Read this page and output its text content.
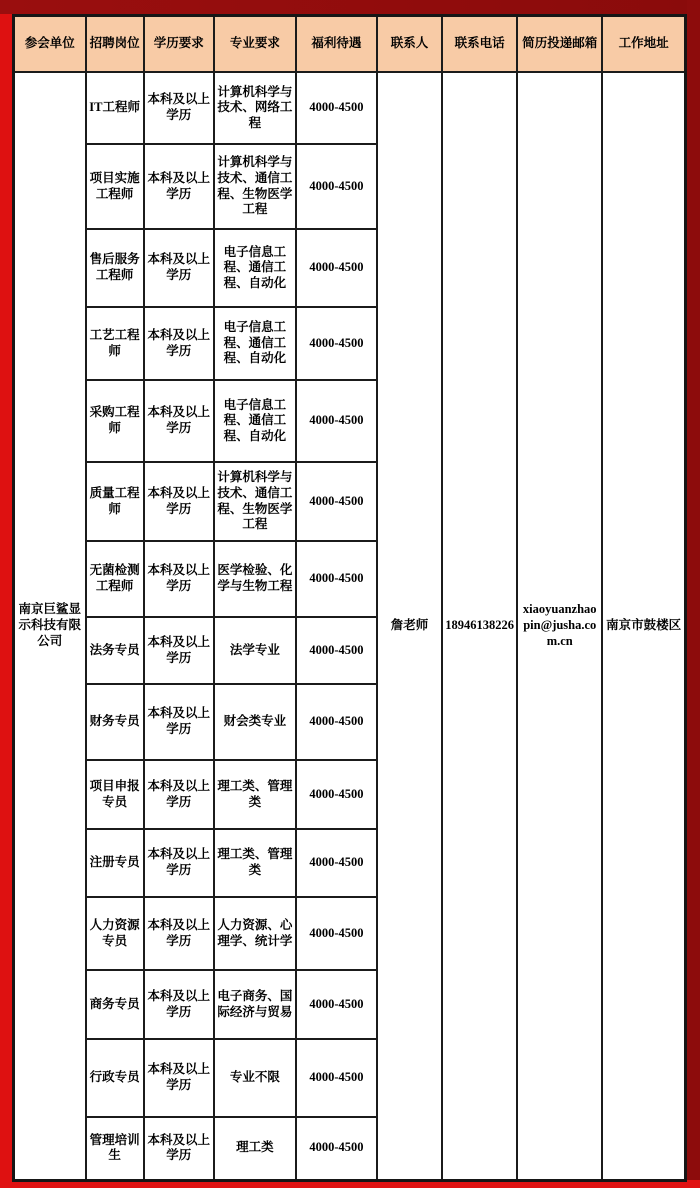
参会单位	招聘岗位	学历要求	专业要求	福利待遇	联系人	联系电话	简历投递邮箱	工作地址
南京巨鲨显示科技有限公司	IT工程师	本科及以上学历	计算机科学与技术、网络工程	4000-4500	詹老师	18946138226	xiaoyuanzhaopin@jusha.com.cn	南京市鼓楼区
	项目实施工程师	本科及以上学历	计算机科学与技术、通信工程、生物医学工程	4000-4500				
	售后服务工程师	本科及以上学历	电子信息工程、通信工程、自动化	4000-4500				
	工艺工程师	本科及以上学历	电子信息工程、通信工程、自动化	4000-4500				
	采购工程师	本科及以上学历	电子信息工程、通信工程、自动化	4000-4500				
	质量工程师	本科及以上学历	计算机科学与技术、通信工程、生物医学工程	4000-4500				
	无菌检测工程师	本科及以上学历	医学检验、化学与生物工程	4000-4500				
	法务专员	本科及以上学历	法学专业	4000-4500				
	财务专员	本科及以上学历	财会类专业	4000-4500				
	项目申报专员	本科及以上学历	理工类、管理类	4000-4500				
	注册专员	本科及以上学历	理工类、管理类	4000-4500				
	人力资源专员	本科及以上学历	人力资源、心理学、统计学	4000-4500				
	商务专员	本科及以上学历	电子商务、国际经济与贸易	4000-4500				
	行政专员	本科及以上学历	专业不限	4000-4500				
	管理培训生	本科及以上学历	理工类	4000-4500				
